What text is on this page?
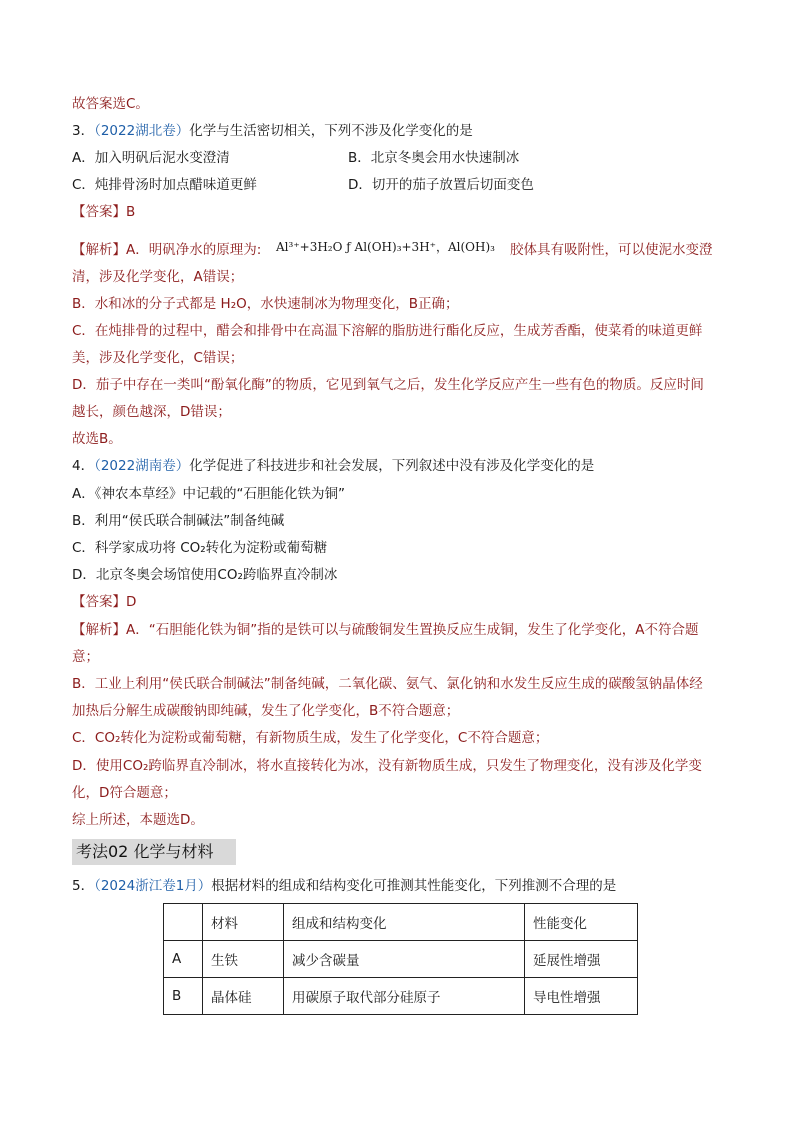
故答案选C。
3．（2022湖北卷）化学与生活密切相关，下列不涉及化学变化的是
A．加入明矾后泥水变澄清	B．北京冬奥会用水快速制冰
C．炖排骨汤时加点醋味道更鲜	D．切开的茄子放置后切面变色
【答案】B
【解析】A．明矾净水的原理为: Al³⁺+3H₂O ƒ Al(OH)₃+3H⁺，Al(OH)₃ 胶体具有吸附性，可以使泥水变澄
清，涉及化学变化，A错误；
B．水和冰的分子式都是 H₂O，水快速制冰为物理变化，B正确；
C．在炖排骨的过程中，醋会和排骨中在高温下溶解的脂肪进行酯化反应，生成芳香酯，使菜肴的味道更鲜
美，涉及化学变化，C错误；
D．茄子中存在一类叫“酚氧化酶”的物质，它见到氧气之后，发生化学反应产生一些有色的物质。反应时间
越长，颜色越深，D错误；
故选B。
4．（2022湖南卷）化学促进了科技进步和社会发展，下列叙述中没有涉及化学变化的是
A．《神农本草经》中记载的“石胆能化铁为铜”
B．利用“侯氏联合制碱法”制备纯碱
C．科学家成功将 CO₂转化为淀粉或葡萄糖
D．北京冬奥会场馆使用CO₂跨临界直冷制冰
【答案】D
【解析】A．“石胆能化铁为铜”指的是铁可以与硫酸铜发生置换反应生成铜，发生了化学变化，A不符合题
意；
B．工业上利用“侯氏联合制碱法”制备纯碱，二氧化碳、氨气、氯化钠和水发生反应生成的碳酸氢钠晶体经
加热后分解生成碳酸钠即纯碱，发生了化学变化，B不符合题意；
C．CO₂转化为淀粉或葡萄糖，有新物质生成，发生了化学变化，C不符合题意；
D．使用CO₂跨临界直冷制冰，将水直接转化为冰，没有新物质生成，只发生了物理变化，没有涉及化学变
化，D符合题意；
综上所述，本题选D。
考法02 化学与材料
5．（2024浙江卷1月）根据材料的组成和结构变化可推测其性能变化，下列推测不合理的是
	材料	组成和结构变化	性能变化
A	生铁	减少含碳量	延展性增强
B	晶体硅	用碳原子取代部分硅原子	导电性增强
